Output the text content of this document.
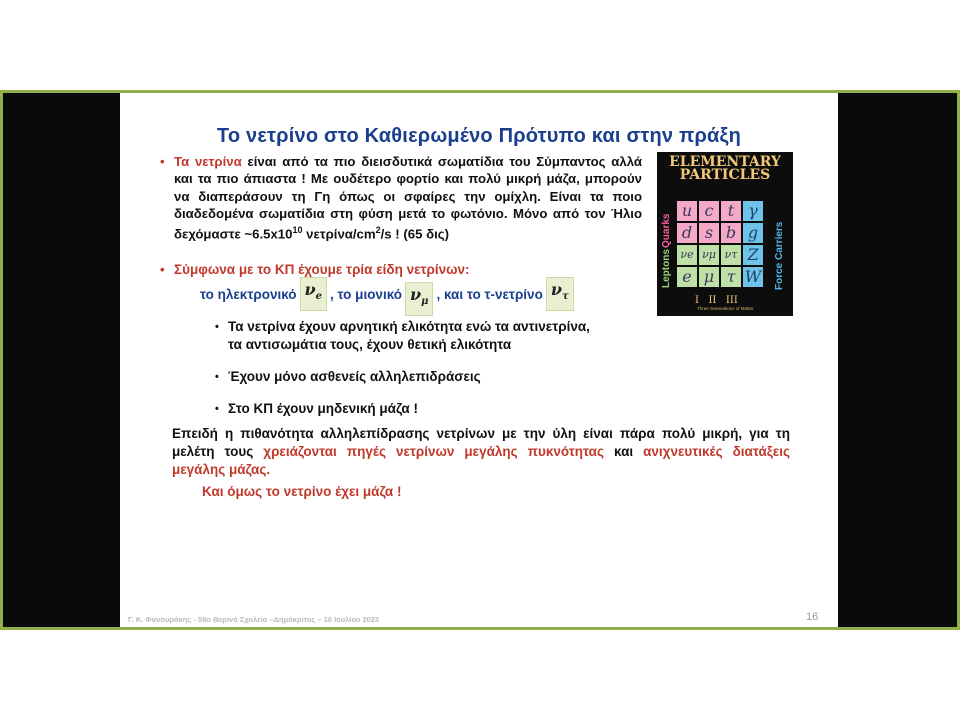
Το νετρίνο στο Καθιερωμένο Πρότυπο και στην πράξη
• Τα νετρίνα είναι από τα πιο διεισδυτικά σωματίδια του Σύμπαντος αλλά και τα πιο άπιαστα ! Με ουδέτερο φορτίο και πολύ μικρή μάζα, μπορούν να διαπεράσουν τη Γη όπως οι σφαίρες την ομίχλη. Είναι τα ποιο διαδεδομένα σωματίδια στη φύση μετά το φωτόνιο. Μόνο από τον Ήλιο δεχόμαστε $\sim 6.5x10^{10}$ νετρίνα/$cm^2/s$ ! (65 δις)
• Σύμφωνα με το ΚΠ έχουμε τρία είδη νετρίνων:
το ηλεκτρονικό $\nu_e$ , το μιονικό $\nu_\mu$
, και το τ-νετρίνο $\nu_\tau$
• Τα νετρίνα έχουν αρνητική ελικότητα ενώ τα αντινετρίνα,
τα αντισωμάτια τους, έχουν θετική ελικότητα
• Έχουν μόνο ασθενείς αλληλεπιδράσεις
• Στο ΚΠ έχουν μηδενική μάζα !
Επειδή η πιθανότητα αλληλεπίδρασης νετρίνων με την ύλη είναι πάρα πολύ μικρή, για τη μελέτη τους χρειάζονται πηγές νετρίνων μεγάλης πυκνότητας και ανιχνευτικές διατάξεις μεγάλης μάζας.
Και όμως το νετρίνο έχει μάζα !
ELEMENTARY
PARTICLES
Quarks
Leptons	Force Carriers
u c t γ
d s b g
νe νμ ντ Z
e μ τ W
I   II   III
Three Generations of Matter
Γ. Κ. Φανουράκης - 58ο Θερινό Σχολείο –Δημόκριτος – 10 Ιουλίου 2023	16
